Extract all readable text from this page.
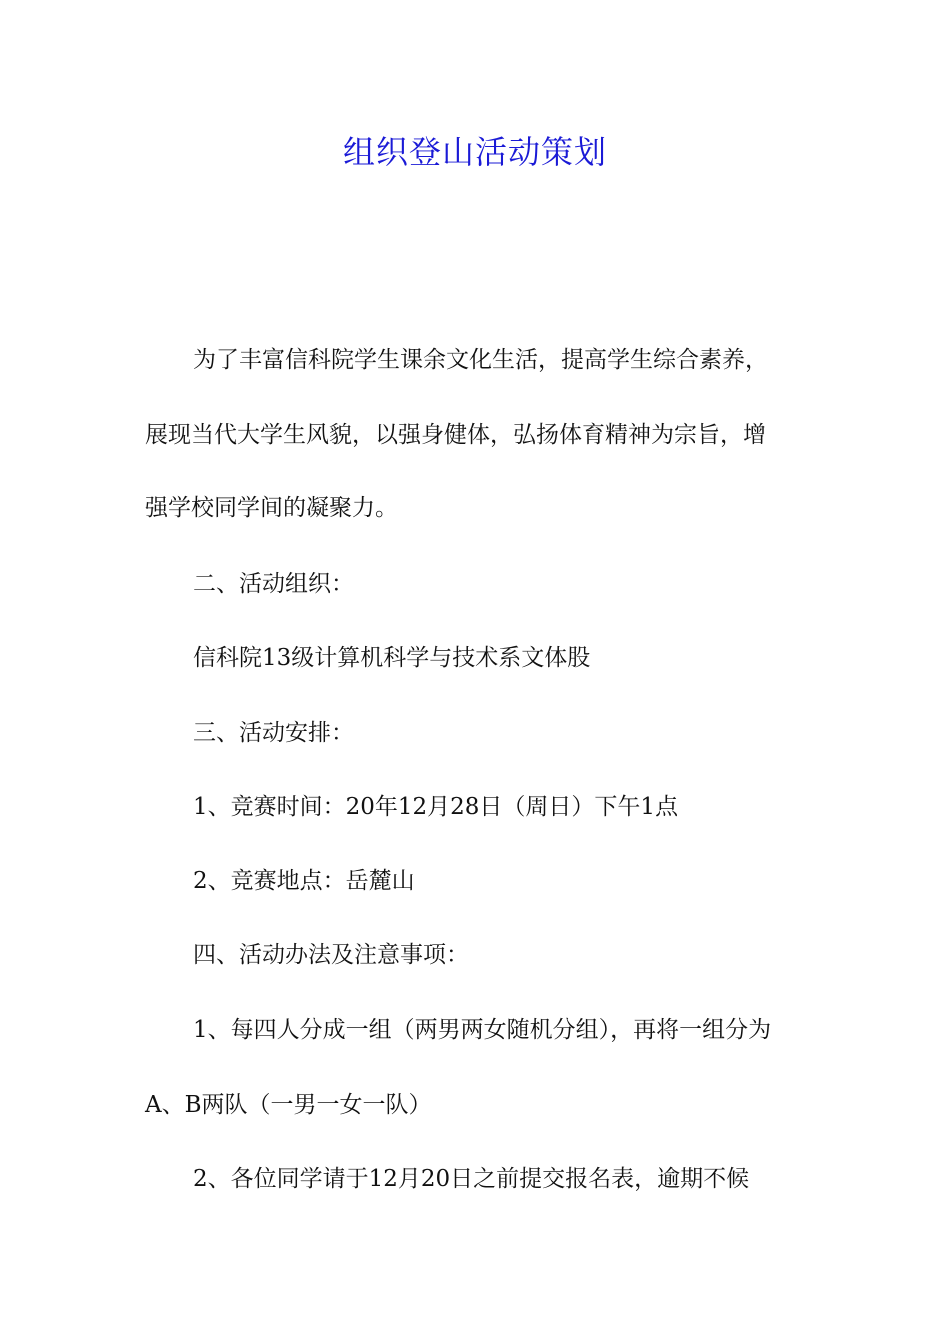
组织登山活动策划

为了丰富信科院学生课余文化生活，提高学生综合素养，

展现当代大学生风貌，以强身健体，弘扬体育精神为宗旨，增

强学校同学间的凝聚力。

二、活动组织：

信科院13级计算机科学与技术系文体股

三、活动安排：

1、竞赛时间：20年12月28日（周日）下午1点

2、竞赛地点：岳麓山

四、活动办法及注意事项：

1、每四人分成一组（两男两女随机分组），再将一组分为

A、B两队（一男一女一队）

2、各位同学请于12月20日之前提交报名表，逾期不候
